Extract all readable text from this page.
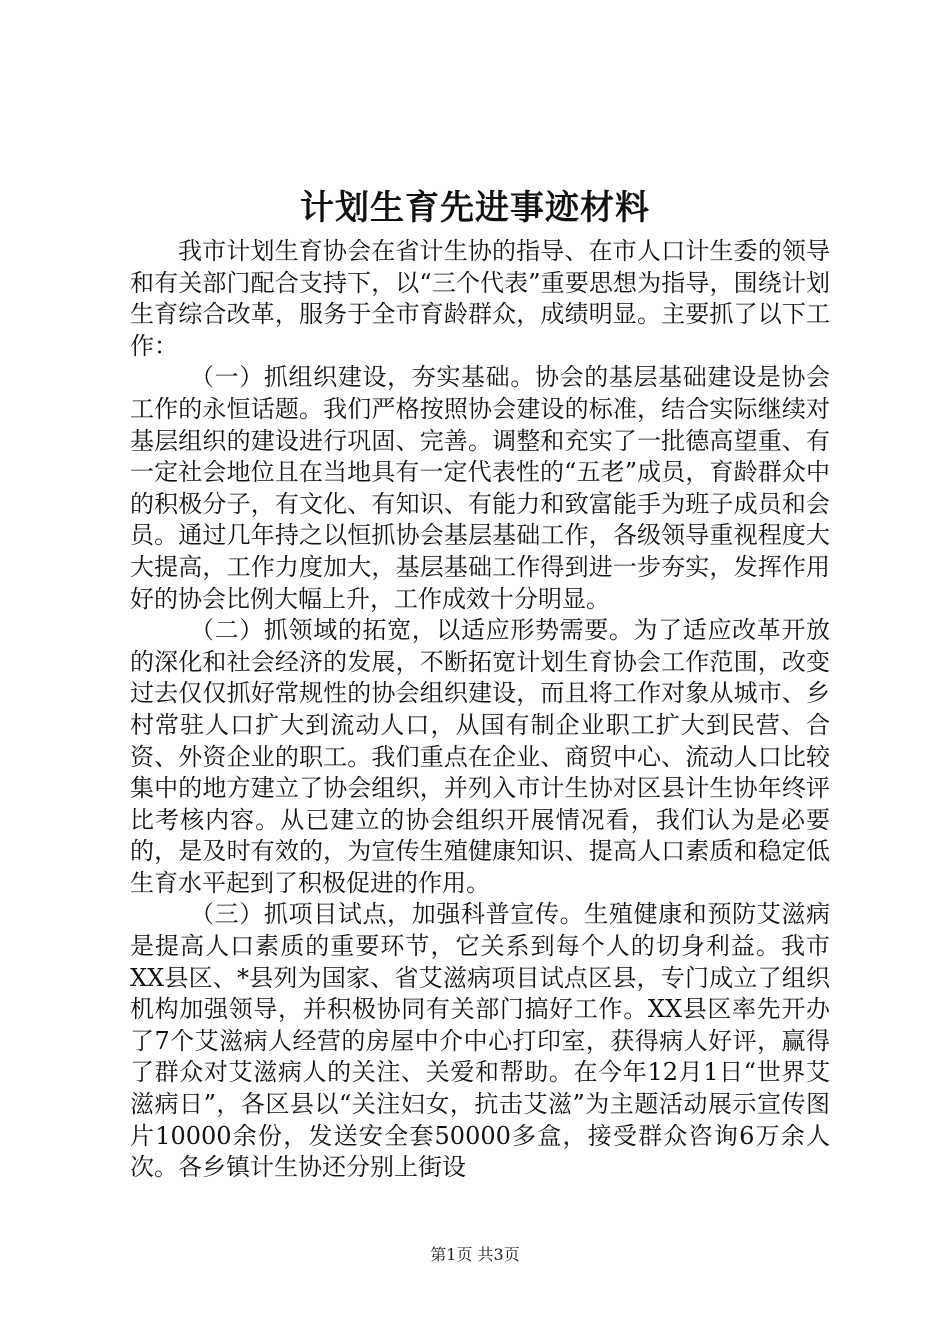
计划生育先进事迹材料

我市计划生育协会在省计生协的指导、在市人口计生委的领导和有关部门配合支持下，以“三个代表”重要思想为指导，围绕计划生育综合改革，服务于全市育龄群众，成绩明显。主要抓了以下工作：

（一）抓组织建设，夯实基础。协会的基层基础建设是协会工作的永恒话题。我们严格按照协会建设的标准，结合实际继续对基层组织的建设进行巩固、完善。调整和充实了一批德高望重、有一定社会地位且在当地具有一定代表性的“五老”成员，育龄群众中的积极分子，有文化、有知识、有能力和致富能手为班子成员和会员。通过几年持之以恒抓协会基层基础工作，各级领导重视程度大大提高，工作力度加大，基层基础工作得到进一步夯实，发挥作用好的协会比例大幅上升，工作成效十分明显。

（二）抓领域的拓宽，以适应形势需要。为了适应改革开放的深化和社会经济的发展，不断拓宽计划生育协会工作范围，改变过去仅仅抓好常规性的协会组织建设，而且将工作对象从城市、乡村常驻人口扩大到流动人口，从国有制企业职工扩大到民营、合资、外资企业的职工。我们重点在企业、商贸中心、流动人口比较集中的地方建立了协会组织，并列入市计生协对区县计生协年终评比考核内容。从已建立的协会组织开展情况看，我们认为是必要的，是及时有效的，为宣传生殖健康知识、提高人口素质和稳定低生育水平起到了积极促进的作用。

（三）抓项目试点，加强科普宣传。生殖健康和预防艾滋病是提高人口素质的重要环节，它关系到每个人的切身利益。我市XX县区、*县列为国家、省艾滋病项目试点区县，专门成立了组织机构加强领导，并积极协同有关部门搞好工作。XX县区率先开办了7个艾滋病人经营的房屋中介中心打印室，获得病人好评，赢得了群众对艾滋病人的关注、关爱和帮助。在今年12月1日“世界艾滋病日”，各区县以“关注妇女，抗击艾滋”为主题活动展示宣传图片10000余份，发送安全套50000多盒，接受群众咨询6万余人次。各乡镇计生协还分别上街设

第1页 共3页
